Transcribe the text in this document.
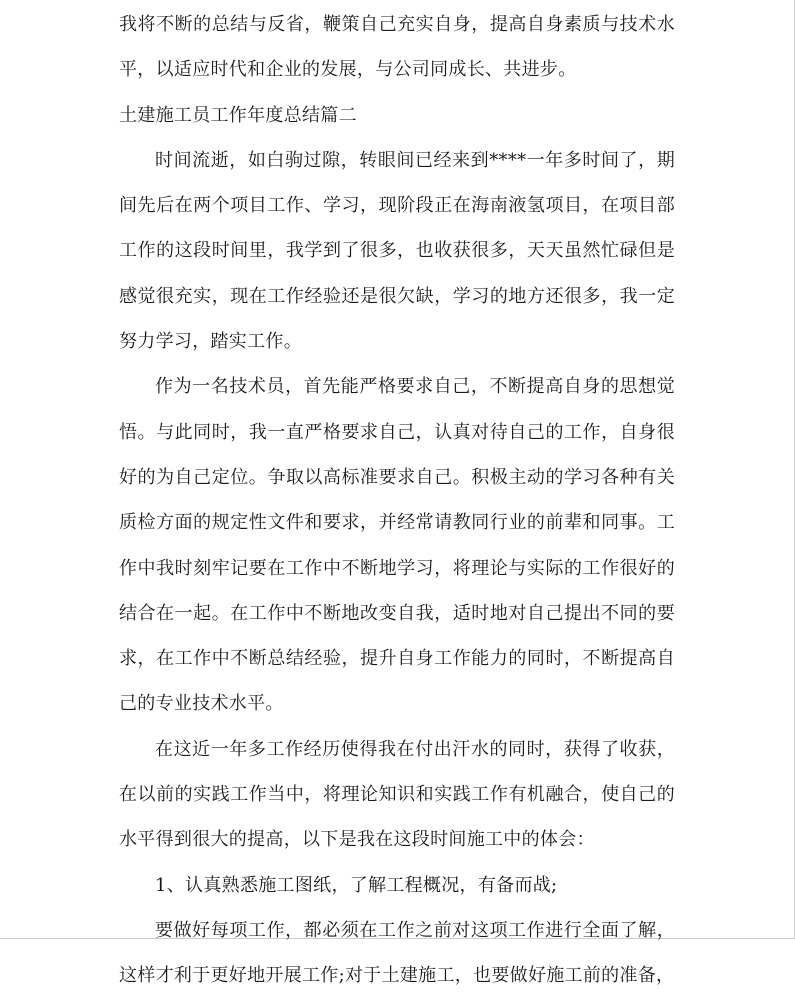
我将不断的总结与反省，鞭策自己充实自身，提高自身素质与技术水平，以适应时代和企业的发展，与公司同成长、共进步。

土建施工员工作年度总结篇二

时间流逝，如白驹过隙，转眼间已经来到****一年多时间了，期间先后在两个项目工作、学习，现阶段正在海南液氢项目，在项目部工作的这段时间里，我学到了很多，也收获很多，天天虽然忙碌但是感觉很充实，现在工作经验还是很欠缺，学习的地方还很多，我一定努力学习，踏实工作。

作为一名技术员，首先能严格要求自己，不断提高自身的思想觉悟。与此同时，我一直严格要求自己，认真对待自己的工作，自身很好的为自己定位。争取以高标准要求自己。积极主动的学习各种有关质检方面的规定性文件和要求，并经常请教同行业的前辈和同事。工作中我时刻牢记要在工作中不断地学习，将理论与实际的工作很好的结合在一起。在工作中不断地改变自我，适时地对自己提出不同的要求，在工作中不断总结经验，提升自身工作能力的同时，不断提高自己的专业技术水平。

在这近一年多工作经历使得我在付出汗水的同时，获得了收获，在以前的实践工作当中，将理论知识和实践工作有机融合，使自己的水平得到很大的提高，以下是我在这段时间施工中的体会：

1、认真熟悉施工图纸，了解工程概况，有备而战;

要做好每项工作，都必须在工作之前对这项工作进行全面了解，这样才利于更好地开展工作;对于土建施工，也要做好施工前的准备，
